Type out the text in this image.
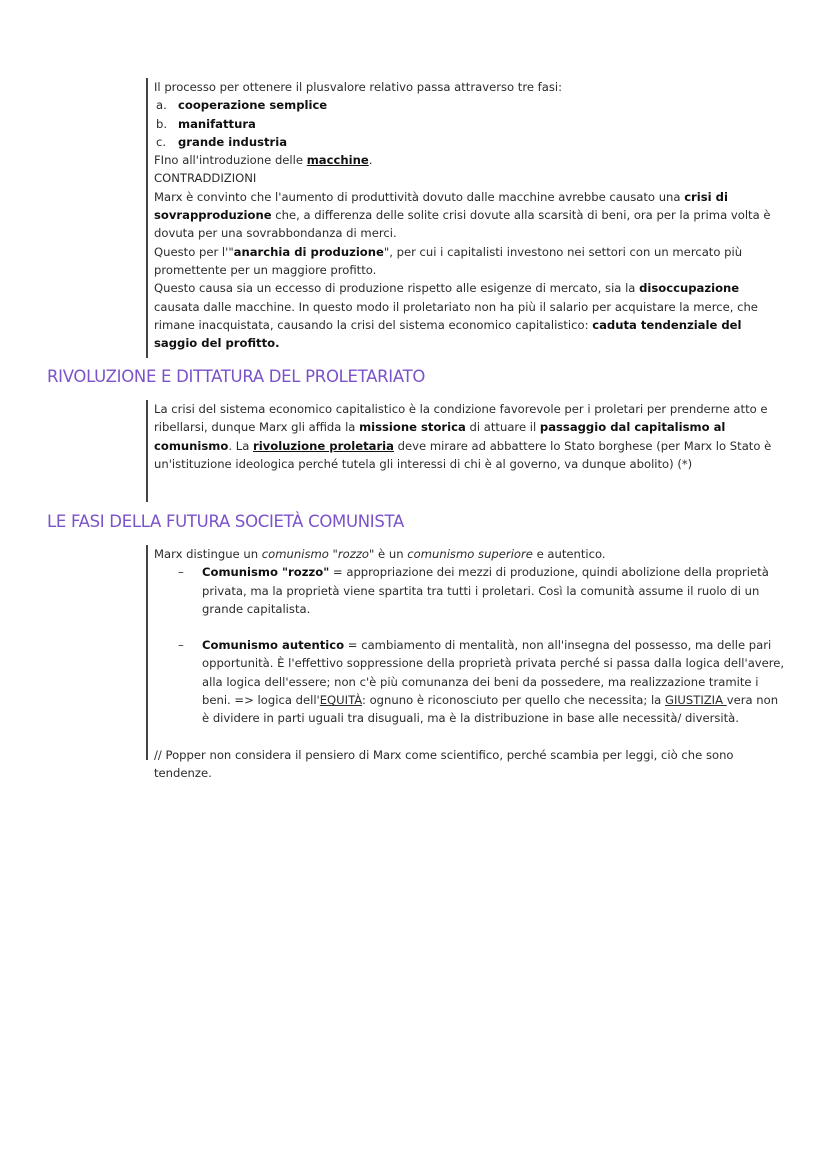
Il processo per ottenere il plusvalore relativo passa attraverso tre fasi:

a. cooperazione semplice
b. manifattura
c.	grande industria

FIno all'introduzione delle macchine.

CONTRADDIZIONI

Marx è convinto che l'aumento di produttività dovuto dalle macchine avrebbe causato una crisi di sovrapproduzione che, a differenza delle solite crisi dovute alla scarsità di beni, ora per la prima volta è dovuta per una sovrabbondanza di merci.

Questo per l'"anarchia di produzione", per cui i capitalisti investono nei settori con un mercato più promettente per un maggiore profitto.

Questo causa sia un eccesso di produzione rispetto alle esigenze di mercato, sia la disoccupazione causata dalle macchine. In questo modo il proletariato non ha più il salario per acquistare la merce, che rimane inacquistata, causando la crisi del sistema economico capitalistico: caduta tendenziale del saggio del profitto.

RIVOLUZIONE E DITTATURA DEL PROLETARIATO

La crisi del sistema economico capitalistico è la condizione favorevole per i proletari per prenderne atto e ribellarsi, dunque Marx gli affida la missione storica di attuare il passaggio dal capitalismo al comunismo. La rivoluzione proletaria deve mirare ad abbattere lo Stato borghese (per Marx lo Stato è un'istituzione ideologica perché tutela gli interessi di chi è al governo, va dunque abolito) (*)

LE FASI DELLA FUTURA SOCIETÀ COMUNISTA

Marx distingue un comunismo "rozzo" è un comunismo superiore e autentico.

– Comunismo "rozzo" = appropriazione dei mezzi di produzione, quindi abolizione della proprietà privata, ma la proprietà viene spartita tra tutti i proletari. Così la comunità assume il ruolo di un grande capitalista.
– Comunismo autentico = cambiamento di mentalità, non all'insegna del possesso, ma delle pari opportunità. È l'effettivo soppressione della proprietà privata perché si passa dalla logica dell'avere, alla logica dell'essere; non c'è più comunanza dei beni da possedere, ma realizzazione tramite i beni. => logica dell'EQUITÀ: ognuno è riconosciuto per quello che necessita; la GIUSTIZIA vera non è dividere in parti uguali tra disuguali, ma è la distribuzione in base alle necessità/ diversità.

// Popper non considera il pensiero di Marx come scientifico, perché scambia per leggi, ciò che sono tendenze.
